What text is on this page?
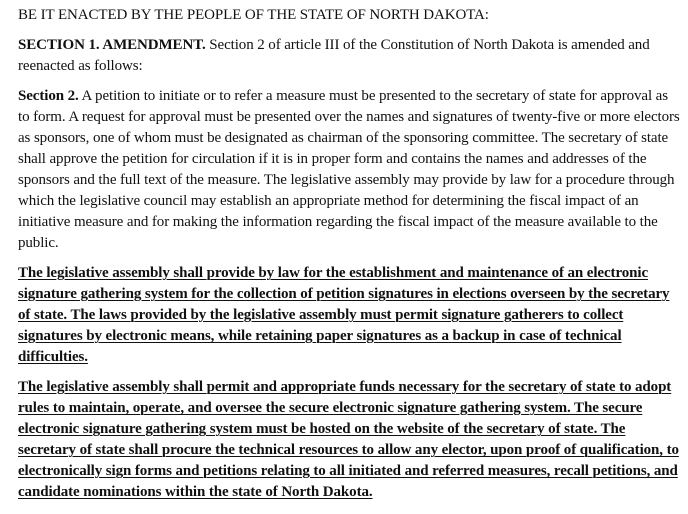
BE IT ENACTED BY THE PEOPLE OF THE STATE OF NORTH DAKOTA:

SECTION 1. AMENDMENT. Section 2 of article III of the Constitution of North Dakota is amended and reenacted as follows:

Section 2. A petition to initiate or to refer a measure must be presented to the secretary of state for approval as to form. A request for approval must be presented over the names and signatures of twenty-five or more electors as sponsors, one of whom must be designated as chairman of the sponsoring committee. The secretary of state shall approve the petition for circulation if it is in proper form and contains the names and addresses of the sponsors and the full text of the measure. The legislative assembly may provide by law for a procedure through which the legislative council may establish an appropriate method for determining the fiscal impact of an initiative measure and for making the information regarding the fiscal impact of the measure available to the public.

The legislative assembly shall provide by law for the establishment and maintenance of an electronic signature gathering system for the collection of petition signatures in elections overseen by the secretary of state. The laws provided by the legislative assembly must permit signature gatherers to collect signatures by electronic means, while retaining paper signatures as a backup in case of technical difficulties.

The legislative assembly shall permit and appropriate funds necessary for the secretary of state to adopt rules to maintain, operate, and oversee the secure electronic signature gathering system. The secure electronic signature gathering system must be hosted on the website of the secretary of state. The secretary of state shall procure the technical resources to allow any elector, upon proof of qualification, to electronically sign forms and petitions relating to all initiated and referred measures, recall petitions, and candidate nominations within the state of North Dakota.
